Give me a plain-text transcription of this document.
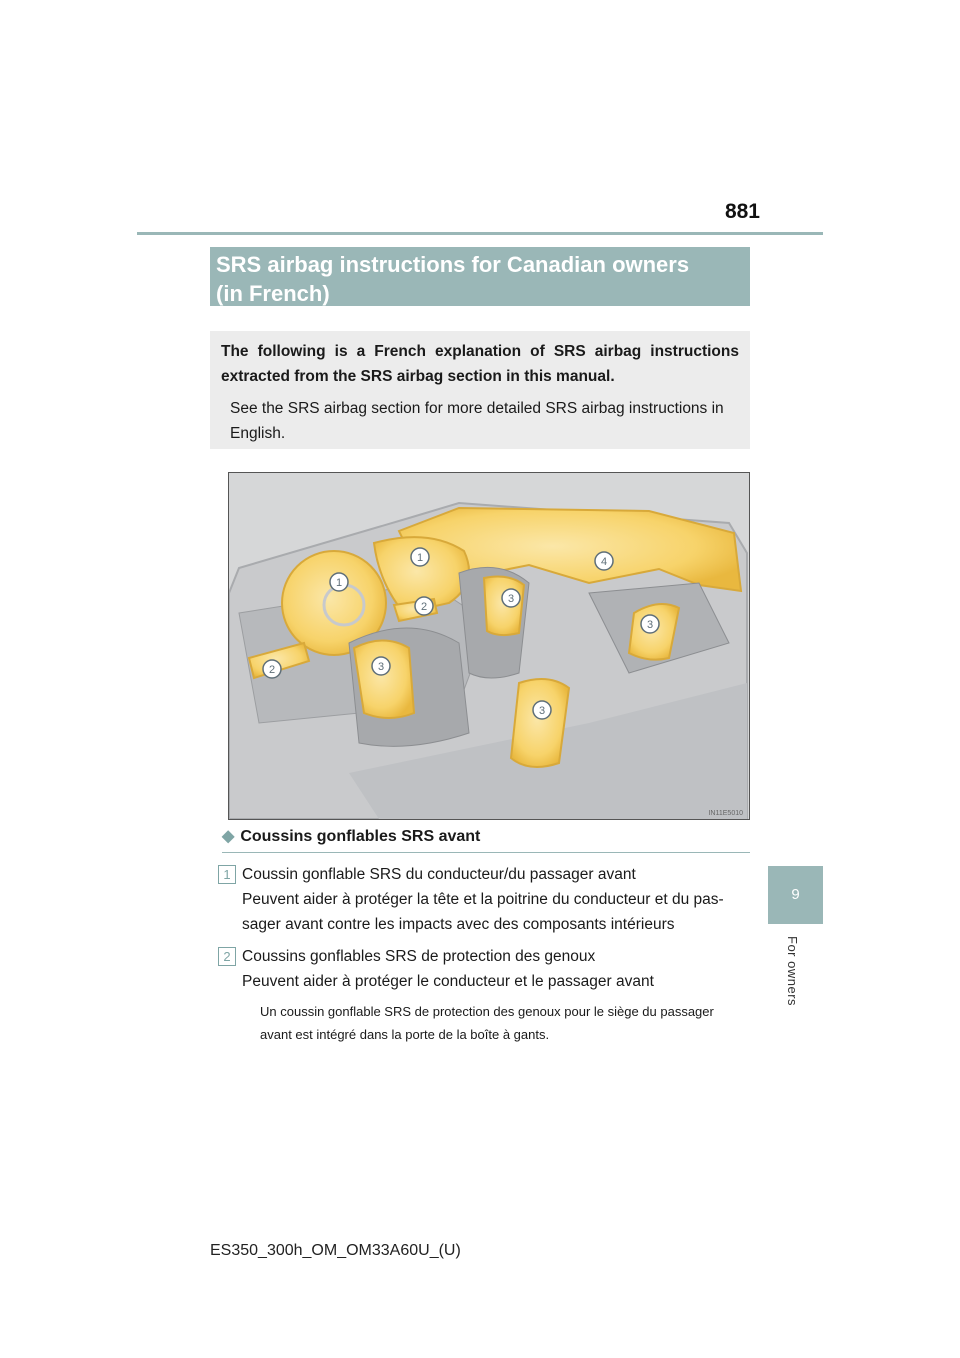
881
9
For owners
SRS airbag instructions for Canadian owners
(in French)
The following is a French explanation of SRS airbag instructions extracted from the SRS airbag section in this manual.
See the SRS airbag section for more detailed SRS airbag instructions in English.
1
1
2
2	3
3
3
3
4
IN11E5010
◆ Coussins gonflables SRS avant
1 Coussin gonflable SRS du conducteur/du passager avant
Peuvent aider à protéger la tête et la poitrine du conducteur et du pas-
sager avant contre les impacts avec des composants intérieurs
2 Coussins gonflables SRS de protection des genoux
Peuvent aider à protéger le conducteur et le passager avant
Un coussin gonflable SRS de protection des genoux pour le siège du passager
avant est intégré dans la porte de la boîte à gants.
ES350_300h_OM_OM33A60U_(U)
